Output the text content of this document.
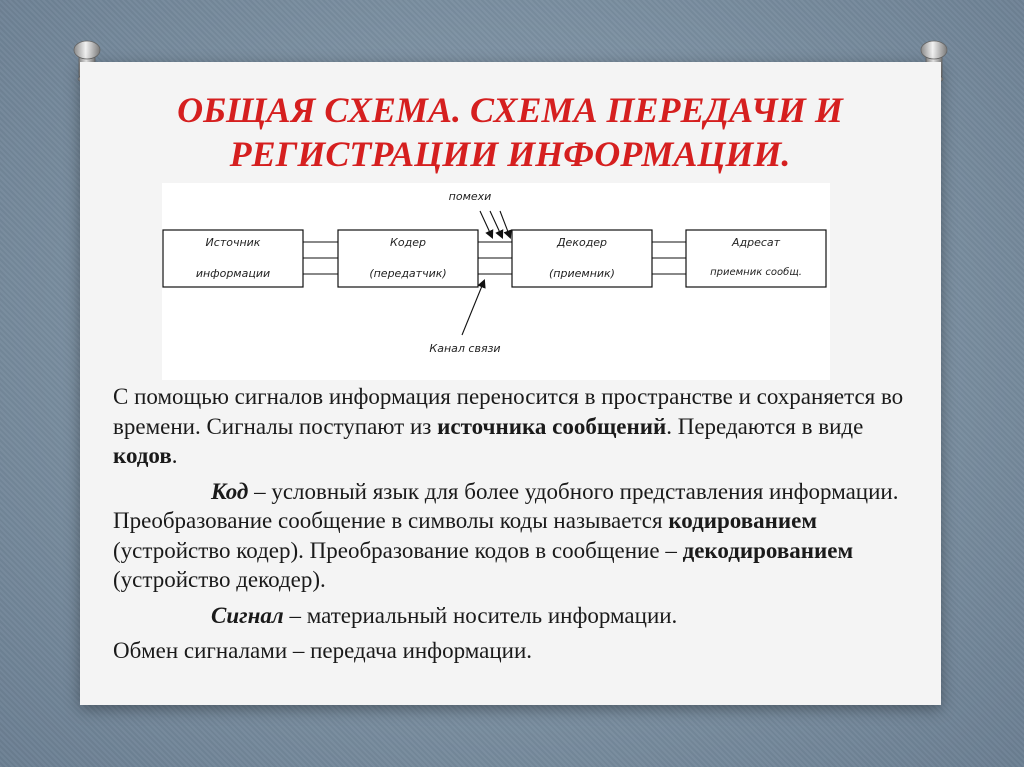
ОБЩАЯ СХЕМА. СХЕМА ПЕРЕДАЧИ И
РЕГИСТРАЦИИ ИНФОРМАЦИИ.
помехи
Источник
информации
Кодер
(передатчик)
Декодер
(приемник)
Адресат
приемник сообщ.
Канал связи

С помощью сигналов информация переносится в пространстве и сохраняется во времени. Сигналы поступают из источника сообщений. Передаются в виде кодов.

Код – условный язык для более удобного представления информации. Преобразование сообщение в символы коды называется кодированием (устройство кодер). Преобразование кодов в сообщение – декодированием (устройство декодер).

Сигнал – материальный носитель информации.

Обмен сигналами – передача информации.
